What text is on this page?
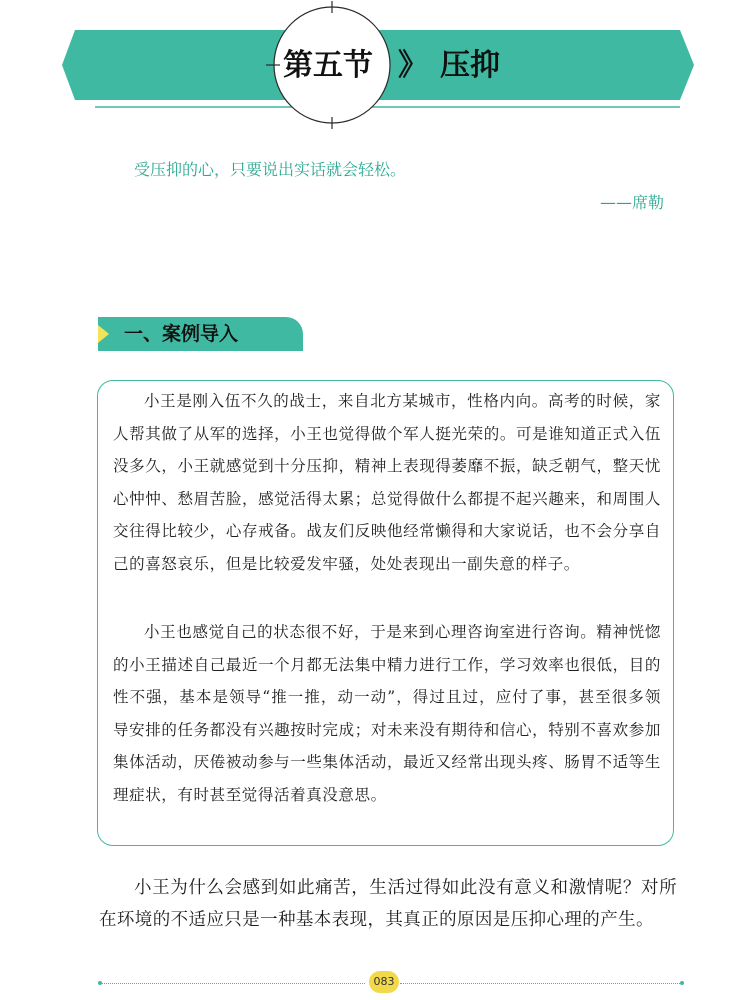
第五节 》 压抑
受压抑的心，只要说出实话就会轻松。
——席勒
一、案例导入

小王是刚入伍不久的战士，来自北方某城市，性格内向。高考的时候，家人帮其做了从军的选择，小王也觉得做个军人挺光荣的。可是谁知道正式入伍没多久，小王就感觉到十分压抑，精神上表现得萎靡不振，缺乏朝气，整天忧心忡忡、愁眉苦脸，感觉活得太累；总觉得做什么都提不起兴趣来，和周围人交往得比较少，心存戒备。战友们反映他经常懒得和大家说话，也不会分享自己的喜怒哀乐，但是比较爱发牢骚，处处表现出一副失意的样子。

小王也感觉自己的状态很不好，于是来到心理咨询室进行咨询。精神恍惚的小王描述自己最近一个月都无法集中精力进行工作，学习效率也很低，目的性不强，基本是领导“推一推，动一动”，得过且过，应付了事，甚至很多领导安排的任务都没有兴趣按时完成；对未来没有期待和信心，特别不喜欢参加集体活动，厌倦被动参与一些集体活动，最近又经常出现头疼、肠胃不适等生理症状，有时甚至觉得活着真没意思。

小王为什么会感到如此痛苦，生活过得如此没有意义和激情呢？对所在环境的不适应只是一种基本表现，其真正的原因是压抑心理的产生。

083
